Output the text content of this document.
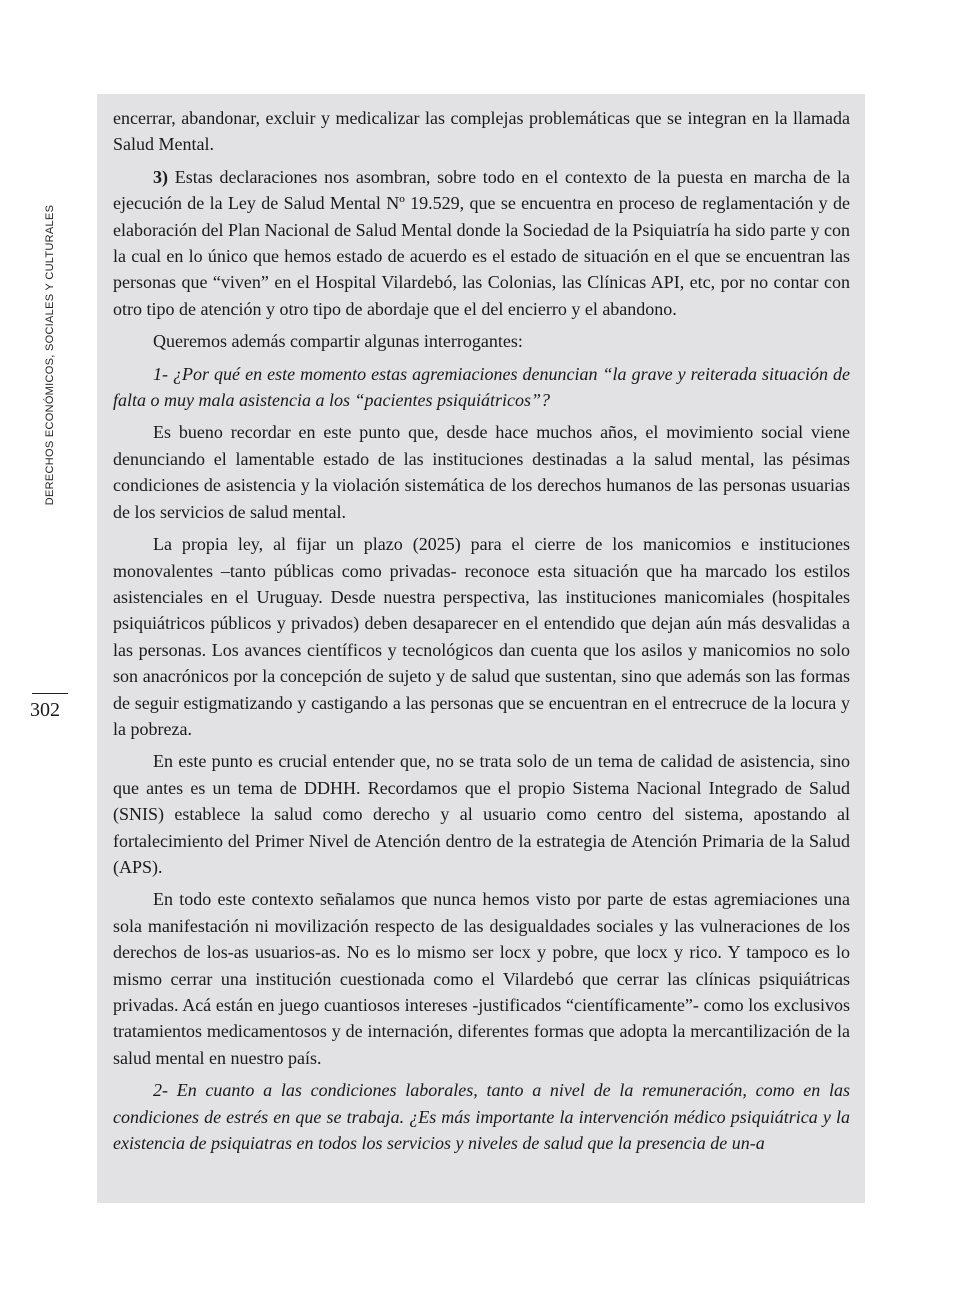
DERECHOS ECONÓMICOS, SOCIALES Y CULTURALES
302

encerrar, abandonar, excluir y medicalizar las complejas problemáticas que se integran en la llamada Salud Mental.

3) Estas declaraciones nos asombran, sobre todo en el contexto de la puesta en marcha de la ejecución de la Ley de Salud Mental Nº 19.529, que se encuentra en proceso de reglamentación y de elaboración del Plan Nacional de Salud Mental donde la Sociedad de la Psiquiatría ha sido parte y con la cual en lo único que hemos estado de acuerdo es el estado de situación en el que se encuentran las personas que “viven” en el Hospital Vilardebó, las Colonias, las Clínicas API, etc, por no contar con otro tipo de atención y otro tipo de abordaje que el del encierro y el abandono.

Queremos además compartir algunas interrogantes:

1- ¿Por qué en este momento estas agremiaciones denuncian “la grave y reiterada situación de falta o muy mala asistencia a los “pacientes psiquiátricos”?

Es bueno recordar en este punto que, desde hace muchos años, el movimiento social viene denunciando el lamentable estado de las instituciones destinadas a la salud mental, las pésimas condiciones de asistencia y la violación sistemática de los derechos humanos de las personas usuarias de los servicios de salud mental.

La propia ley, al fijar un plazo (2025) para el cierre de los manicomios e instituciones monovalentes –tanto públicas como privadas- reconoce esta situación que ha marcado los estilos asistenciales en el Uruguay. Desde nuestra perspectiva, las instituciones manicomiales (hospitales psiquiátricos públicos y privados) deben desaparecer en el entendido que dejan aún más desvalidas a las personas. Los avances científicos y tecnológicos dan cuenta que los asilos y manicomios no solo son anacrónicos por la concepción de sujeto y de salud que sustentan, sino que además son las formas de seguir estigmatizando y castigando a las personas que se encuentran en el entrecruce de la locura y la pobreza.

En este punto es crucial entender que, no se trata solo de un tema de calidad de asistencia, sino que antes es un tema de DDHH. Recordamos que el propio Sistema Nacional Integrado de Salud (SNIS) establece la salud como derecho y al usuario como centro del sistema, apostando al fortalecimiento del Primer Nivel de Atención dentro de la estrategia de Atención Primaria de la Salud (APS).

En todo este contexto señalamos que nunca hemos visto por parte de estas agremiaciones una sola manifestación ni movilización respecto de las desigualdades sociales y las vulneraciones de los derechos de los-as usuarios-as. No es lo mismo ser locx y pobre, que locx y rico. Y tampoco es lo mismo cerrar una institución cuestionada como el Vilardebó que cerrar las clínicas psiquiátricas privadas. Acá están en juego cuantiosos intereses -justificados “científicamente”- como los exclusivos tratamientos medicamentosos y de internación, diferentes formas que adopta la mercantilización de la salud mental en nuestro país.

2- En cuanto a las condiciones laborales, tanto a nivel de la remuneración, como en las condiciones de estrés en que se trabaja. ¿Es más importante la intervención médico psiquiátrica y la existencia de psiquiatras en todos los servicios y niveles de salud que la presencia de un-a
